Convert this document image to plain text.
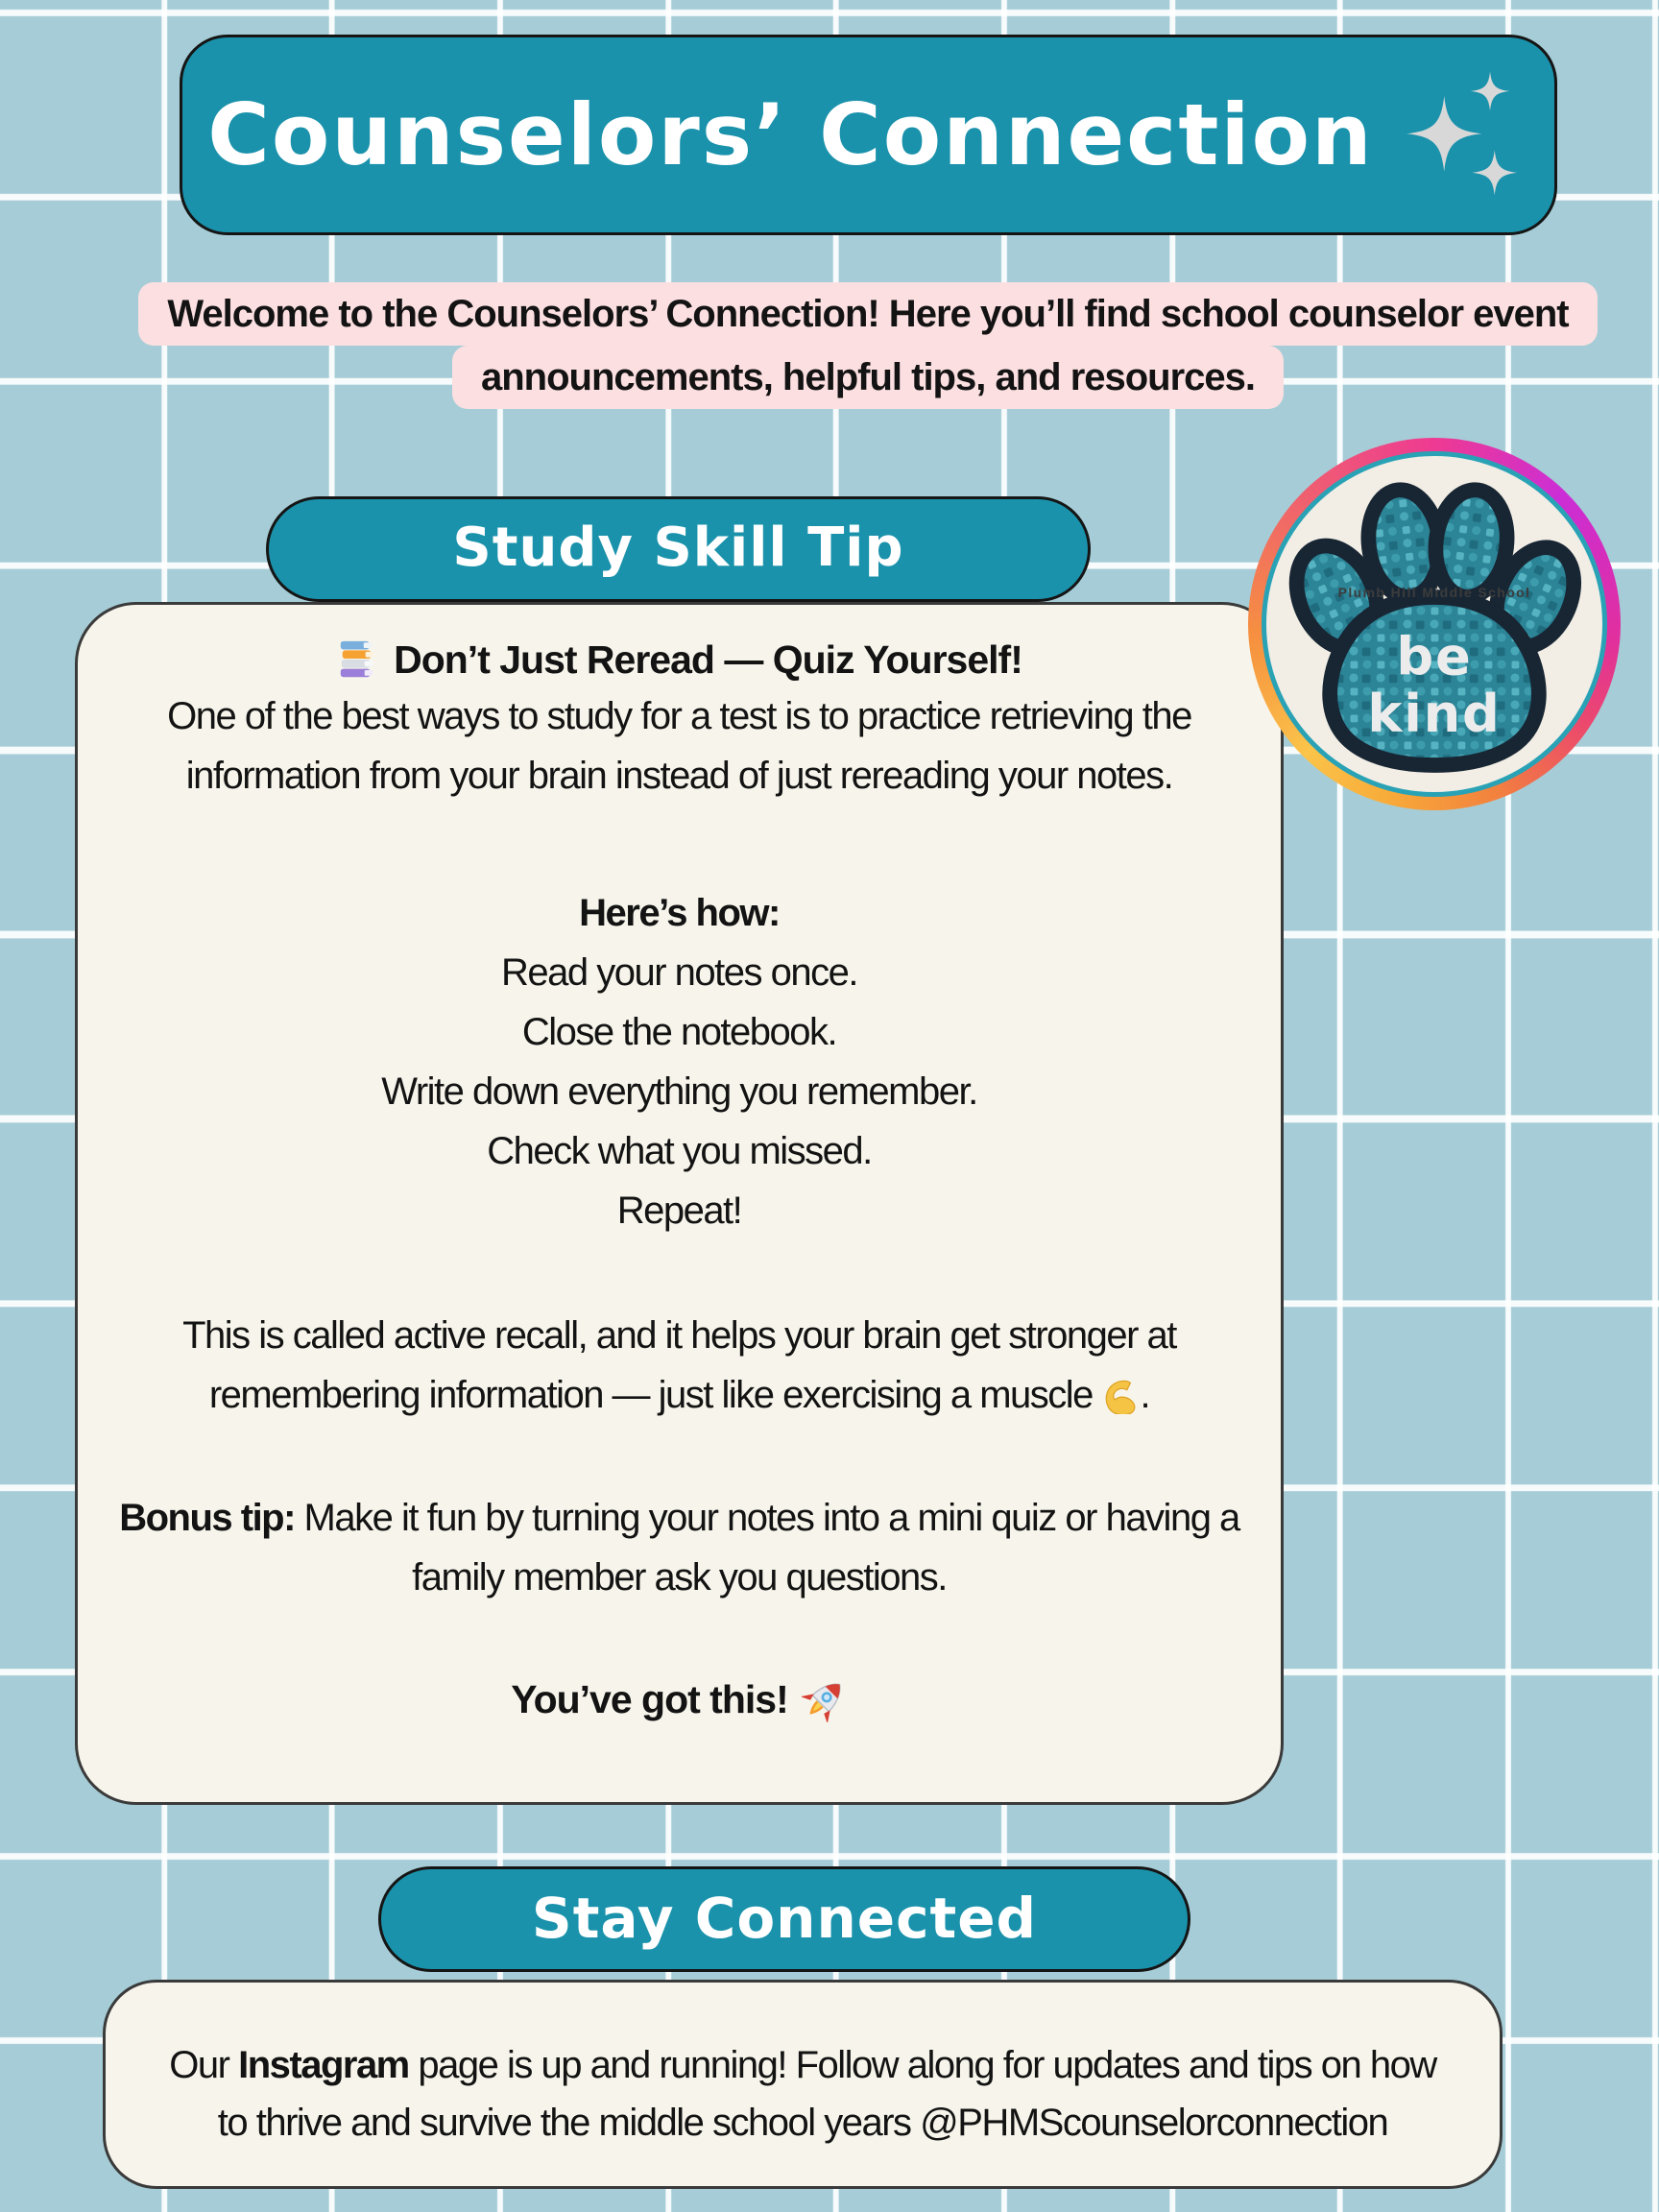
Counselors’ Connection
Welcome to the Counselors’ Connection! Here you’ll find school counselor event
announcements, helpful tips, and resources.
Study Skill Tip
Don’t Just Reread — Quiz Yourself!
One of the best ways to study for a test is to practice retrieving the information from your brain instead of just rereading your notes.
Here’s how:
Read your notes once.
Close the notebook.
Write down everything you remember.
Check what you missed.
Repeat!
This is called active recall, and it helps your brain get stronger at remembering information — just like exercising a muscle .
Bonus tip: Make it fun by turning your notes into a mini quiz or having a family member ask you questions.
You’ve got this!
Plumb Hill Middle School
be
kind
Stay Connected
Our Instagram page is up and running! Follow along for updates and tips on how to thrive and survive the middle school years @PHMScounselorconnection
